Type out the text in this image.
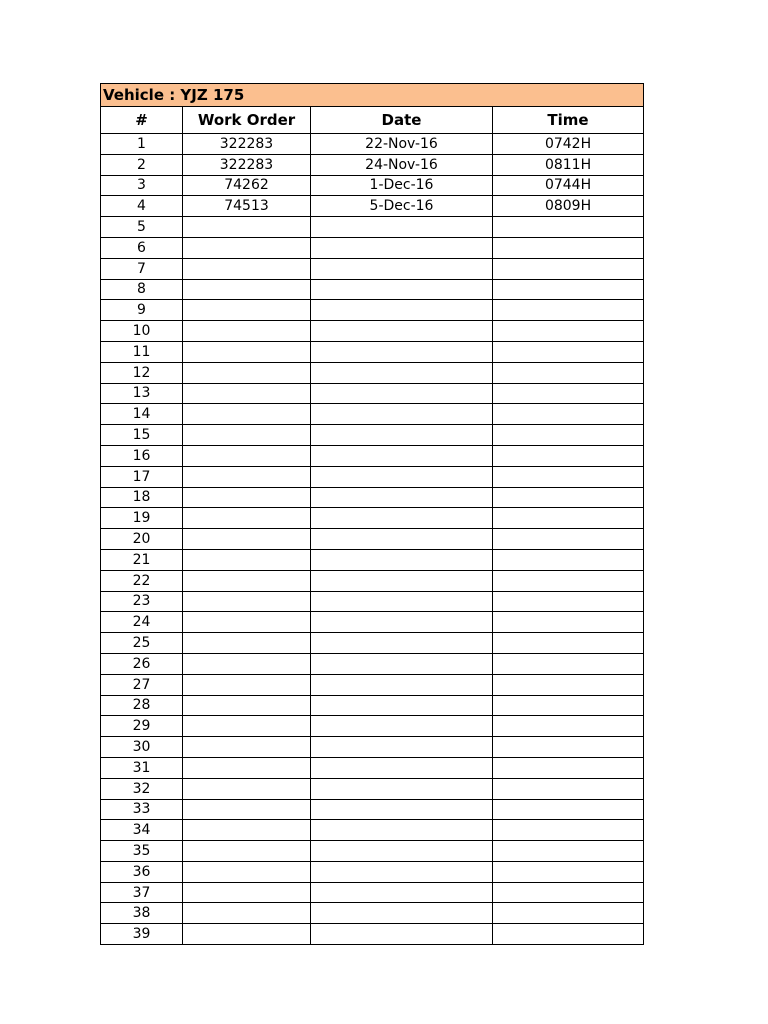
Vehicle : YJZ 175			
#	Work Order	Date	Time
1	322283	22-Nov-16	0742H
2	322283	24-Nov-16	0811H
3	74262	1-Dec-16	0744H
4	74513	5-Dec-16	0809H
5			
6			
7			
8			
9			
10			
11			
12			
13			
14			
15			
16			
17			
18			
19			
20			
21			
22			
23			
24			
25			
26			
27			
28			
29			
30			
31			
32			
33			
34			
35			
36			
37			
38			
39			
